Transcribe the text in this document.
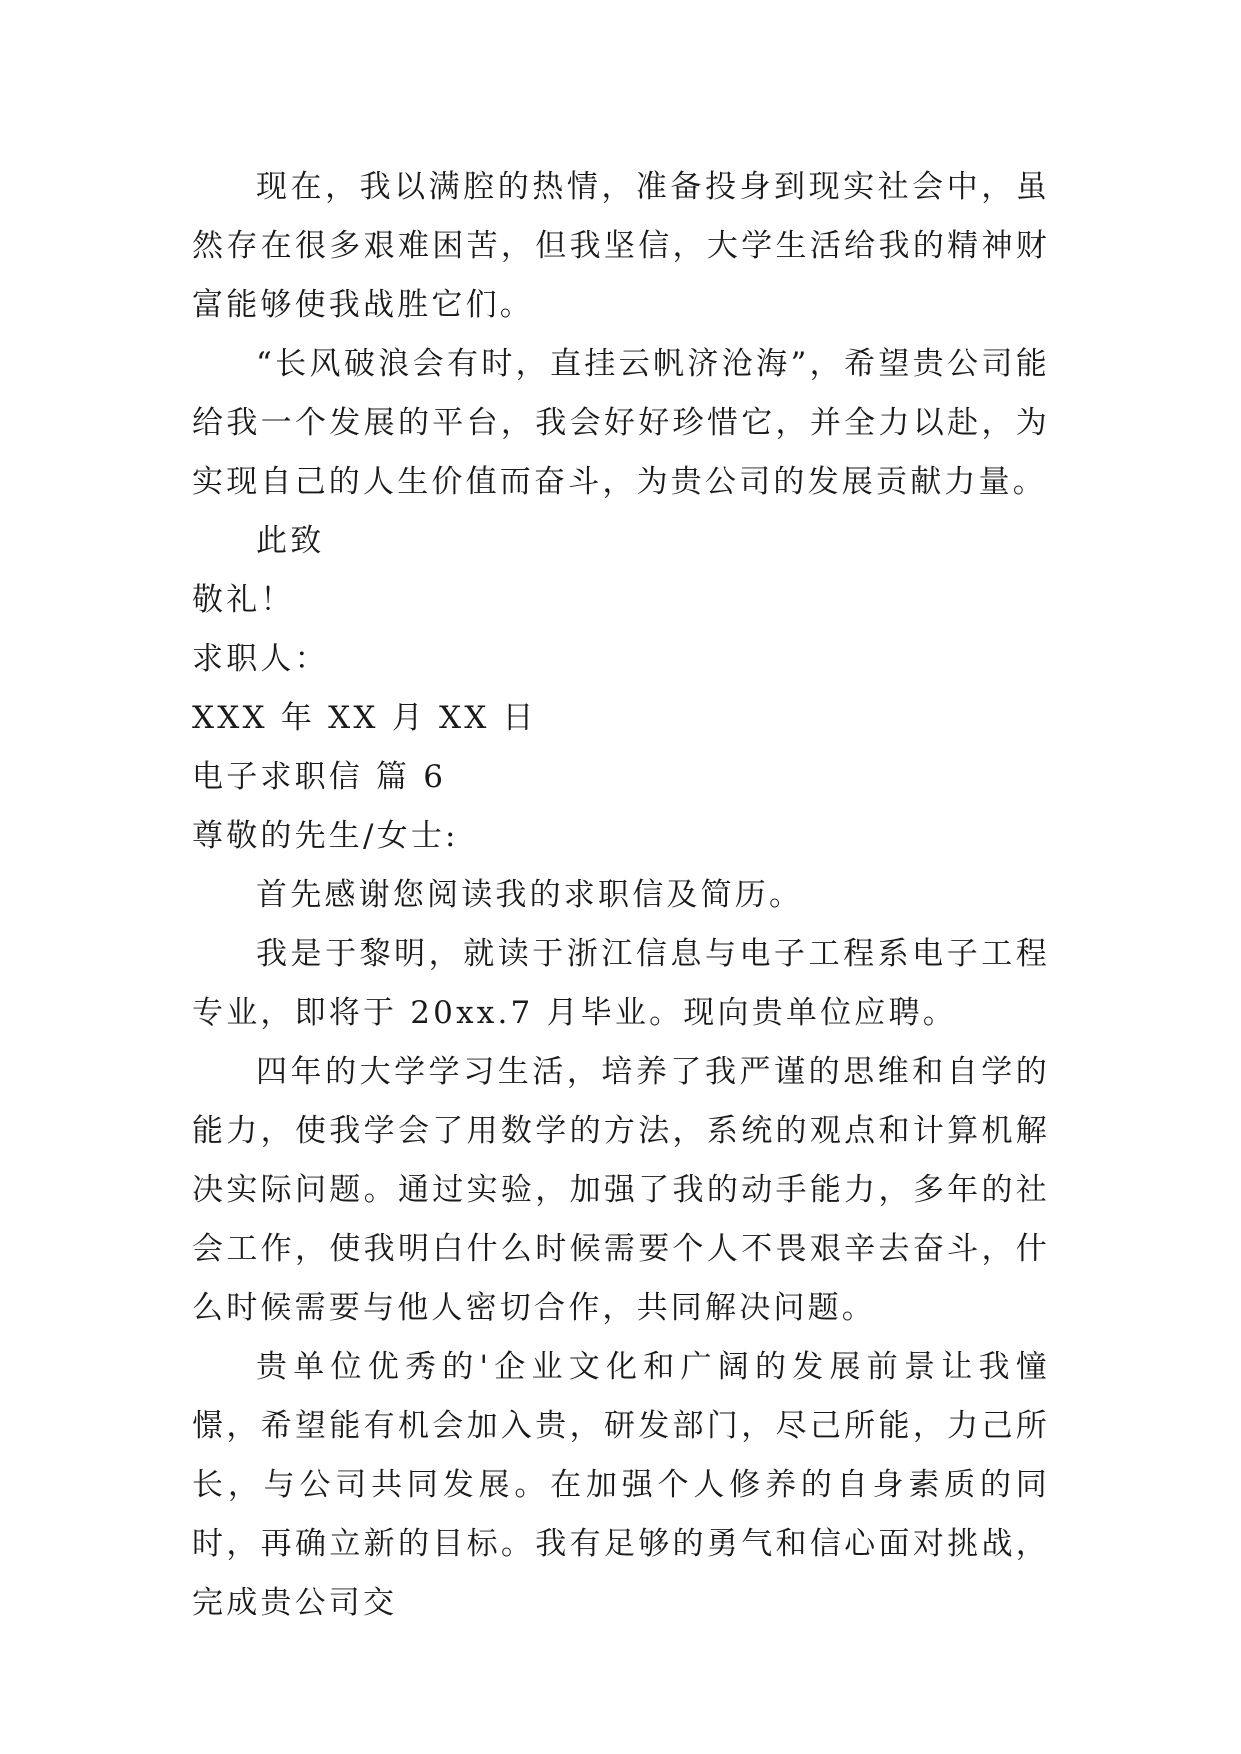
现在，我以满腔的热情，准备投身到现实社会中，虽然存在很多艰难困苦，但我坚信，大学生活给我的精神财富能够使我战胜它们。

“长风破浪会有时，直挂云帆济沧海”，希望贵公司能给我一个发展的平台，我会好好珍惜它，并全力以赴，为实现自己的人生价值而奋斗，为贵公司的发展贡献力量。

此致

敬礼！

求职人：

XXX 年 XX 月 XX 日

电子求职信 篇 6

尊敬的先生/女士:

首先感谢您阅读我的求职信及简历。

我是于黎明，就读于浙江信息与电子工程系电子工程专业，即将于 20xx.7 月毕业。现向贵单位应聘。

四年的大学学习生活，培养了我严谨的思维和自学的能力，使我学会了用数学的方法，系统的观点和计算机解决实际问题。通过实验，加强了我的动手能力，多年的社会工作，使我明白什么时候需要个人不畏艰辛去奋斗，什么时候需要与他人密切合作，共同解决问题。

贵单位优秀的'企业文化和广阔的发展前景让我憧憬，希望能有机会加入贵，研发部门，尽己所能，力己所长，与公司共同发展。在加强个人修养的自身素质的同时，再确立新的目标。我有足够的勇气和信心面对挑战，完成贵公司交
